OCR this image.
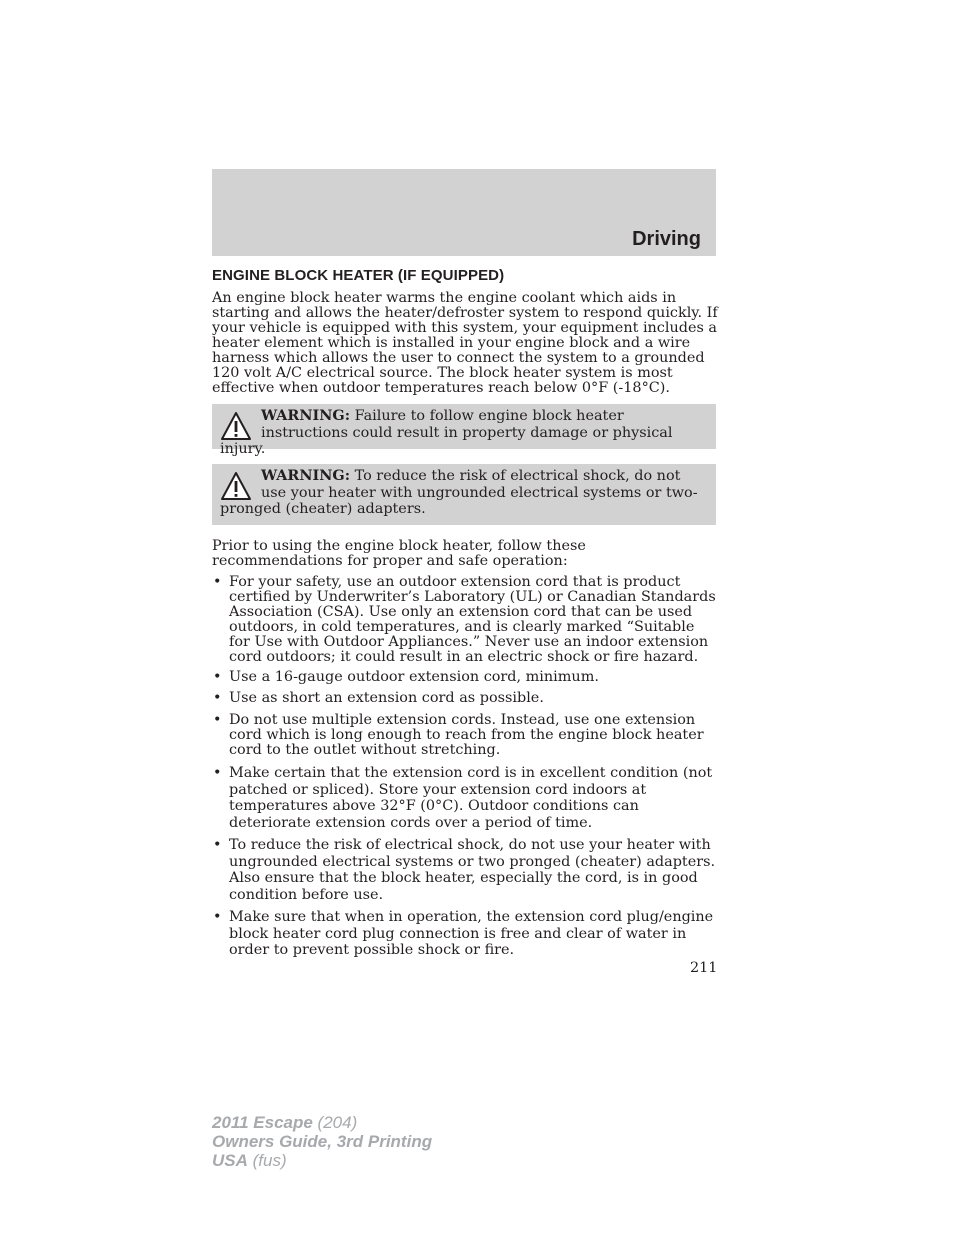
Driving
ENGINE BLOCK HEATER (IF EQUIPPED)

An engine block heater warms the engine coolant which aids in starting and allows the heater/defroster system to respond quickly. If your vehicle is equipped with this system, your equipment includes a heater element which is installed in your engine block and a wire harness which allows the user to connect the system to a grounded 120 volt A/C electrical source. The block heater system is most effective when outdoor temperatures reach below 0°F (-18°C).

WARNING: Failure to follow engine block heater instructions could result in property damage or physical injury.
WARNING: To reduce the risk of electrical shock, do not use your heater with ungrounded electrical systems or two-pronged (cheater) adapters.

Prior to using the engine block heater, follow these recommendations for proper and safe operation:

• For your safety, use an outdoor extension cord that is product certified by Underwriter’s Laboratory (UL) or Canadian Standards Association (CSA). Use only an extension cord that can be used outdoors, in cold temperatures, and is clearly marked “Suitable for Use with Outdoor Appliances.” Never use an indoor extension cord outdoors; it could result in an electric shock or fire hazard.
• Use a 16-gauge outdoor extension cord, minimum.
• Use as short an extension cord as possible.
• Do not use multiple extension cords. Instead, use one extension cord which is long enough to reach from the engine block heater cord to the outlet without stretching.
• Make certain that the extension cord is in excellent condition (not patched or spliced). Store your extension cord indoors at temperatures above 32°F (0°C). Outdoor conditions can deteriorate extension cords over a period of time.
• To reduce the risk of electrical shock, do not use your heater with ungrounded electrical systems or two pronged (cheater) adapters. Also ensure that the block heater, especially the cord, is in good condition before use.
• Make sure that when in operation, the extension cord plug/engine block heater cord plug connection is free and clear of water in order to prevent possible shock or fire.
211
2011 Escape (204)
Owners Guide, 3rd Printing
USA (fus)
